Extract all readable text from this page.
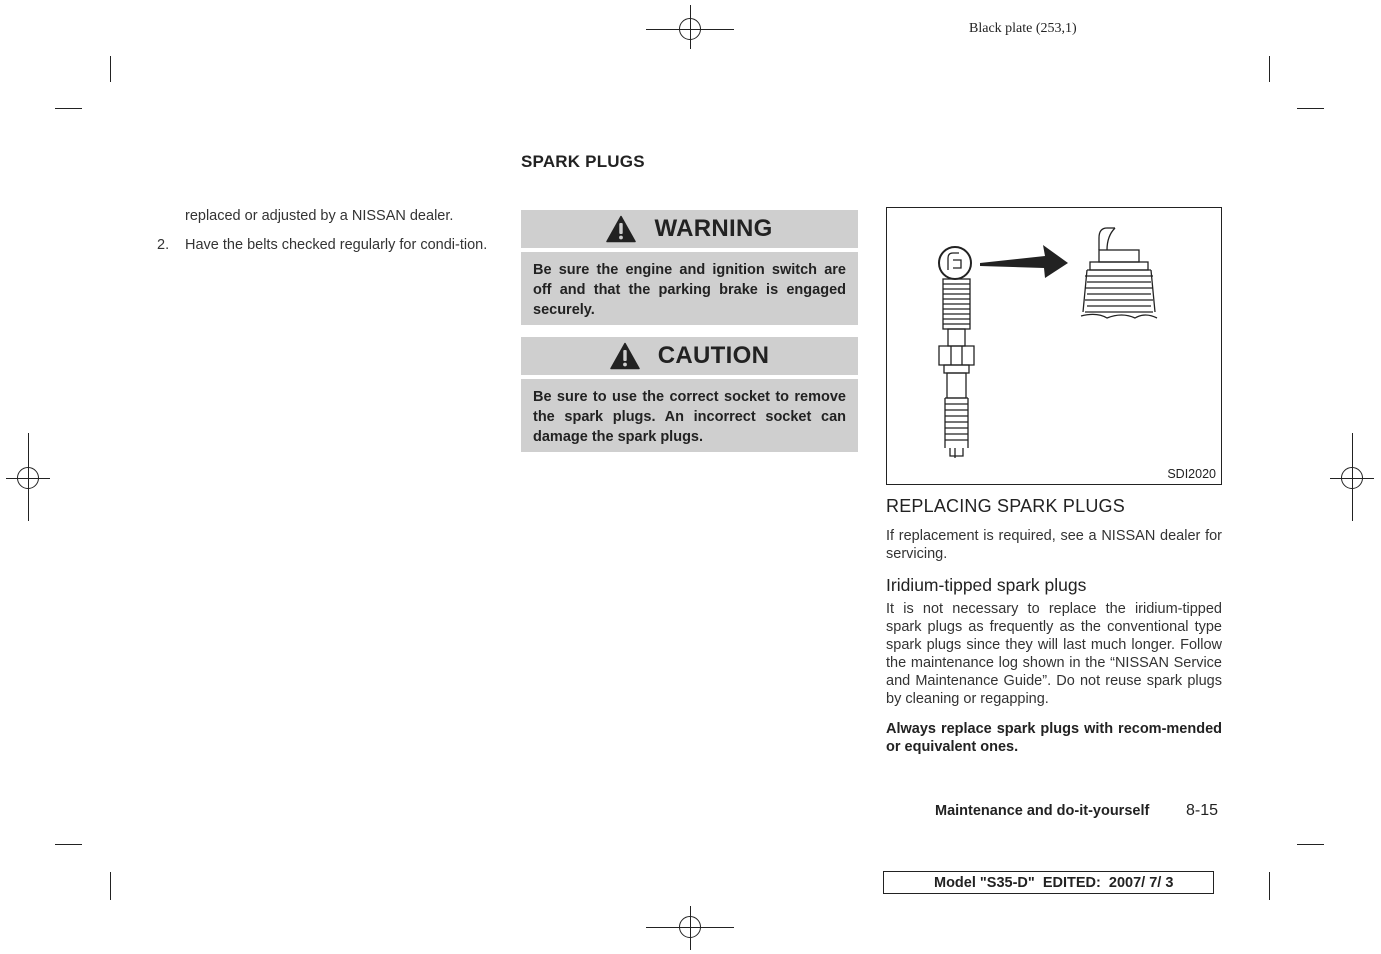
Black plate (253,1)
SPARK PLUGS
replaced or adjusted by a NISSAN dealer.
2.	Have the belts checked regularly for condi-tion.
WARNING
Be sure the engine and ignition switch are off and that the parking brake is engaged securely.
CAUTION
Be sure to use the correct socket to remove the spark plugs. An incorrect socket can damage the spark plugs.
SDI2020
REPLACING SPARK PLUGS
If replacement is required, see a NISSAN dealer for servicing.
Iridium-tipped spark plugs
It is not necessary to replace the iridium-tipped spark plugs as frequently as the conventional type spark plugs since they will last much longer. Follow the maintenance log shown in the “NISSAN Service and Maintenance Guide”. Do not reuse spark plugs by cleaning or regapping.
Always replace spark plugs with recom-mended or equivalent ones.
Maintenance and do-it-yourself 8-15
Model "S35-D"  EDITED:  2007/ 7/ 3
